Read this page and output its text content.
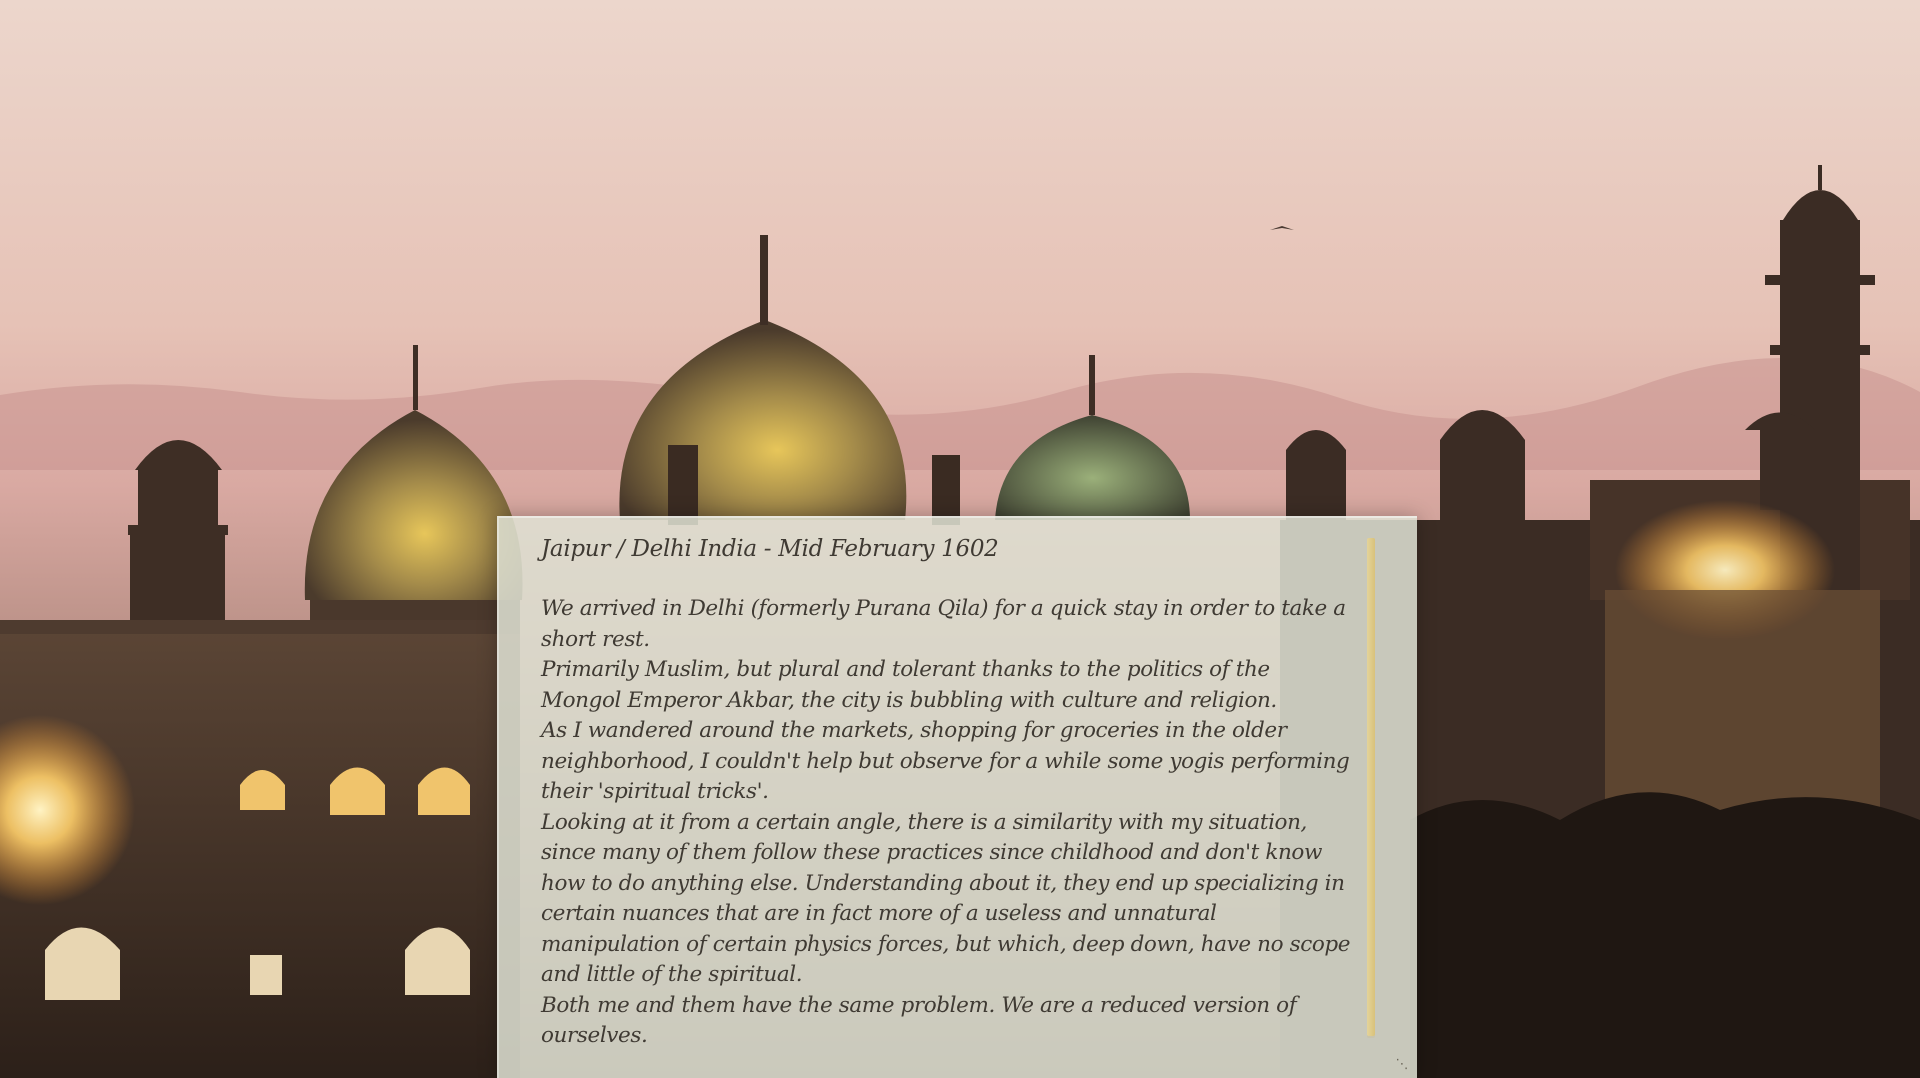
Jaipur / Delhi India - Mid February 1602

We arrived in Delhi (formerly Purana Qila) for a quick stay in order to take a short rest.

Primarily Muslim, but plural and tolerant thanks to the politics of the Mongol Emperor Akbar, the city is bubbling with culture and religion.

As I wandered around the markets, shopping for groceries in the older neighborhood, I couldn't help but observe for a while some yogis performing their 'spiritual tricks'.

Looking at it from a certain angle, there is a similarity with my situation, since many of them follow these practices since childhood and don't know how to do anything else. Understanding about it, they end up specializing in certain nuances that are in fact more of a useless and unnatural manipulation of certain physics forces, but which, deep down, have no scope and little of the spiritual.

Both me and them have the same problem. We are a reduced version of ourselves.

⋱
